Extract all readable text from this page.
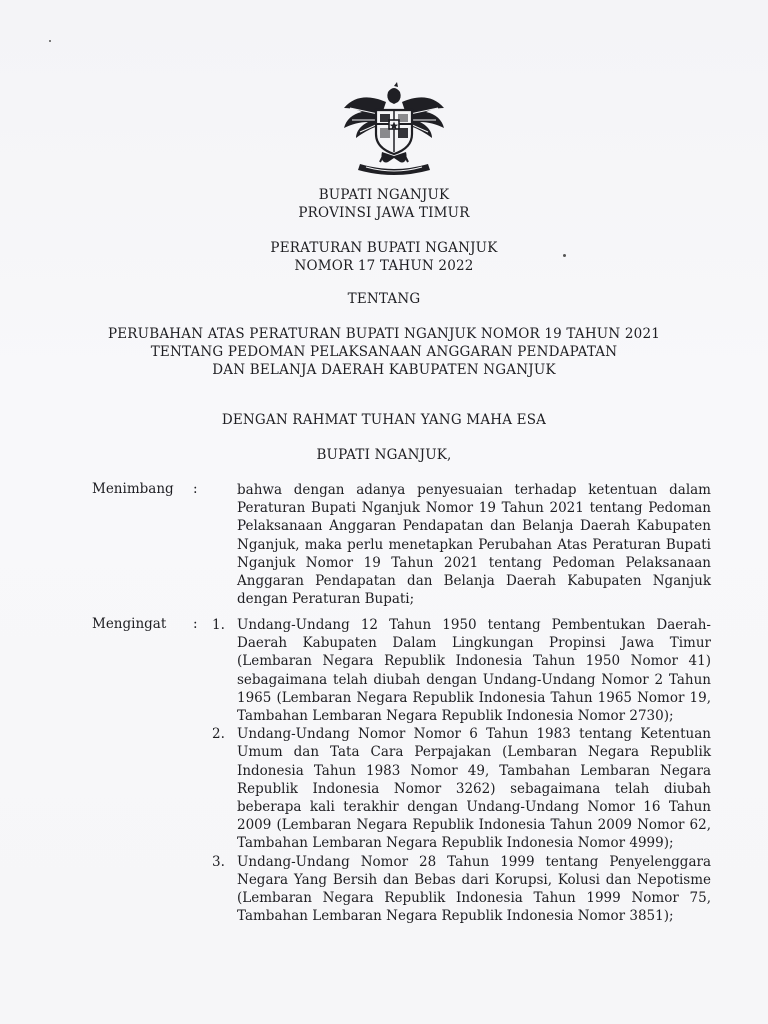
BUPATI NGANJUK
PROVINSI JAWA TIMUR
PERATURAN BUPATI NGANJUK
NOMOR 17 TAHUN 2022
TENTANG
PERUBAHAN ATAS PERATURAN BUPATI NGANJUK NOMOR 19 TAHUN 2021
TENTANG PEDOMAN PELAKSANAAN ANGGARAN PENDAPATAN
DAN BELANJA DAERAH KABUPATEN NGANJUK
DENGAN RAHMAT TUHAN YANG MAHA ESA
BUPATI NGANJUK,
Menimbang :	bahwa dengan adanya penyesuaian terhadap ketentuan dalam Peraturan Bupati Nganjuk Nomor 19 Tahun 2021 tentang Pedoman Pelaksanaan Anggaran Pendapatan dan Belanja Daerah Kabupaten Nganjuk, maka perlu menetapkan Perubahan Atas Peraturan Bupati Nganjuk Nomor 19 Tahun 2021 tentang Pedoman Pelaksanaan Anggaran Pendapatan dan Belanja Daerah Kabupaten Nganjuk dengan Peraturan Bupati;
Mengingat : 1. Undang-Undang 12 Tahun 1950 tentang Pembentukan Daerah-Daerah Kabupaten Dalam Lingkungan Propinsi Jawa Timur (Lembaran Negara Republik Indonesia Tahun 1950 Nomor 41) sebagaimana telah diubah dengan Undang-Undang Nomor 2 Tahun 1965 (Lembaran Negara Republik Indonesia Tahun 1965 Nomor 19, Tambahan Lembaran Negara Republik Indonesia Nomor 2730);
2. Undang-Undang Nomor Nomor 6 Tahun 1983 tentang Ketentuan Umum dan Tata Cara Perpajakan (Lembaran Negara Republik Indonesia Tahun 1983 Nomor 49, Tambahan Lembaran Negara Republik Indonesia Nomor 3262) sebagaimana telah diubah beberapa kali terakhir dengan Undang-Undang Nomor 16 Tahun 2009 (Lembaran Negara Republik Indonesia Tahun 2009 Nomor 62, Tambahan Lembaran Negara Republik Indonesia Nomor 4999);
3. Undang-Undang Nomor 28 Tahun 1999 tentang Penyelenggara Negara Yang Bersih dan Bebas dari Korupsi, Kolusi dan Nepotisme (Lembaran Negara Republik Indonesia Tahun 1999 Nomor 75, Tambahan Lembaran Negara Republik Indonesia Nomor 3851);
